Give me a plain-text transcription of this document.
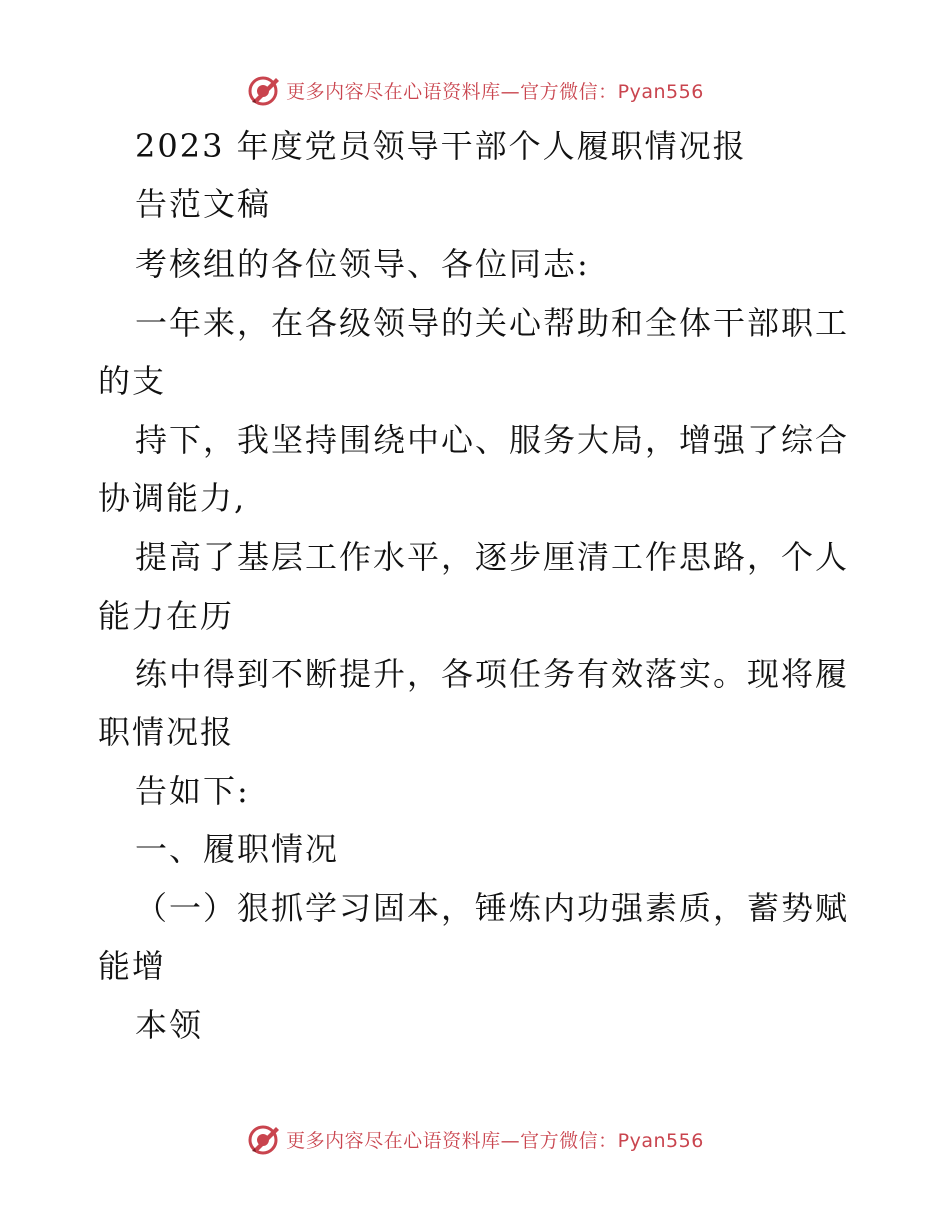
更多内容尽在心语资料库—官方微信：Pyan556
2023 年度党员领导干部个人履职情况报
告范文稿
考核组的各位领导、各位同志:
一年来，在各级领导的关心帮助和全体干部职工
的支
持下，我坚持围绕中心、服务大局，增强了综合
协调能力,
提高了基层工作水平，逐步厘清工作思路，个人
能力在历
练中得到不断提升，各项任务有效落实。现将履
职情况报
告如下:
一、履职情况
（一）狠抓学习固本，锤炼内功强素质，蓄势赋
能增
本领
更多内容尽在心语资料库—官方微信：Pyan556
